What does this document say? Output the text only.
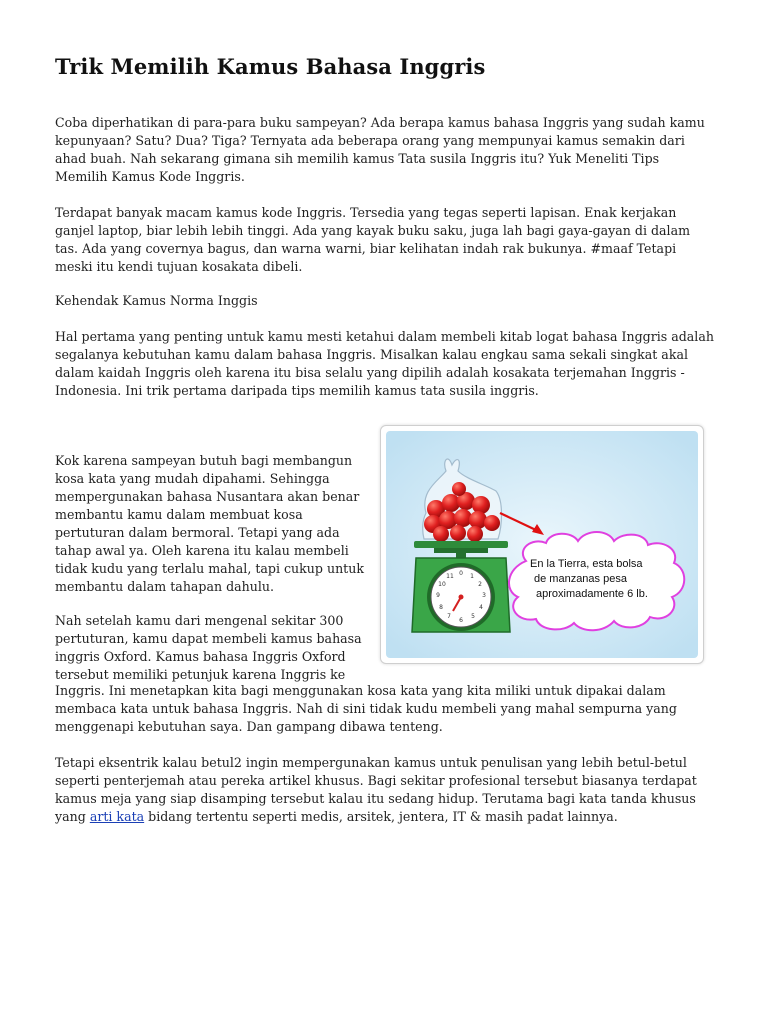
Trik Memilih Kamus Bahasa Inggris

Coba diperhatikan di para-para buku sampeyan? Ada berapa kamus bahasa Inggris yang sudah kamu kepunyaan? Satu? Dua? Tiga? Ternyata ada beberapa orang yang mempunyai kamus semakin dari ahad buah. Nah sekarang gimana sih memilih kamus Tata susila Inggris itu? Yuk Meneliti Tips Memilih Kamus Kode Inggris.

Terdapat banyak macam kamus kode Inggris. Tersedia yang tegas seperti lapisan. Enak kerjakan ganjel laptop, biar lebih lebih tinggi. Ada yang kayak buku saku, juga lah bagi gaya-gayan di dalam tas. Ada yang covernya bagus, dan warna warni, biar kelihatan indah rak bukunya. #maaf Tetapi meski itu kendi tujuan kosakata dibeli.

Kehendak Kamus Norma Inggis

Hal pertama yang penting untuk kamu mesti ketahui dalam membeli kitab logat bahasa Inggris adalah segalanya kebutuhan kamu dalam bahasa Inggris. Misalkan kalau engkau sama sekali singkat akal dalam kaidah Inggris oleh karena itu bisa selalu yang dipilih adalah kosakata terjemahan Inggris - Indonesia. Ini trik pertama daripada tips memilih kamus tata susila inggris.

Kok karena sampeyan butuh bagi membangun kosa kata yang mudah dipahami. Sehingga mempergunakan bahasa Nusantara akan benar membantu kamu dalam membuat kosa pertuturan dalam bermoral. Tetapi yang ada tahap awal ya. Oleh karena itu kalau membeli tidak kudu yang terlalu mahal, tapi cukup untuk membantu dalam tahapan dahulu.

Nah setelah kamu dari mengenal sekitar 300 pertuturan, kamu dapat membeli kamus bahasa inggris Oxford. Kamus bahasa Inggris Oxford tersebut memiliki petunjuk karena Inggris ke

Inggris. Ini menetapkan kita bagi menggunakan kosa kata yang kita miliki untuk dipakai dalam membaca kata untuk bahasa Inggris. Nah di sini tidak kudu membeli yang mahal sempurna yang menggenapi kebutuhan saya. Dan gampang dibawa tenteng.

Tetapi eksentrik kalau betul2 ingin mempergunakan kamus untuk penulisan yang lebih betul-betul seperti penterjemah atau pereka artikel khusus. Bagi sekitar profesional tersebut biasanya terdapat kamus meja yang siap disamping tersebut kalau itu sedang hidup. Terutama bagi kata tanda khusus yang arti kata bidang tertentu seperti medis, arsitek, jentera, IT & masih padat lainnya.

0 1
2
3
4
5
6
7
8
9
10
11
En la Tierra, esta bolsa
de manzanas pesa
aproximadamente 6 lb.
